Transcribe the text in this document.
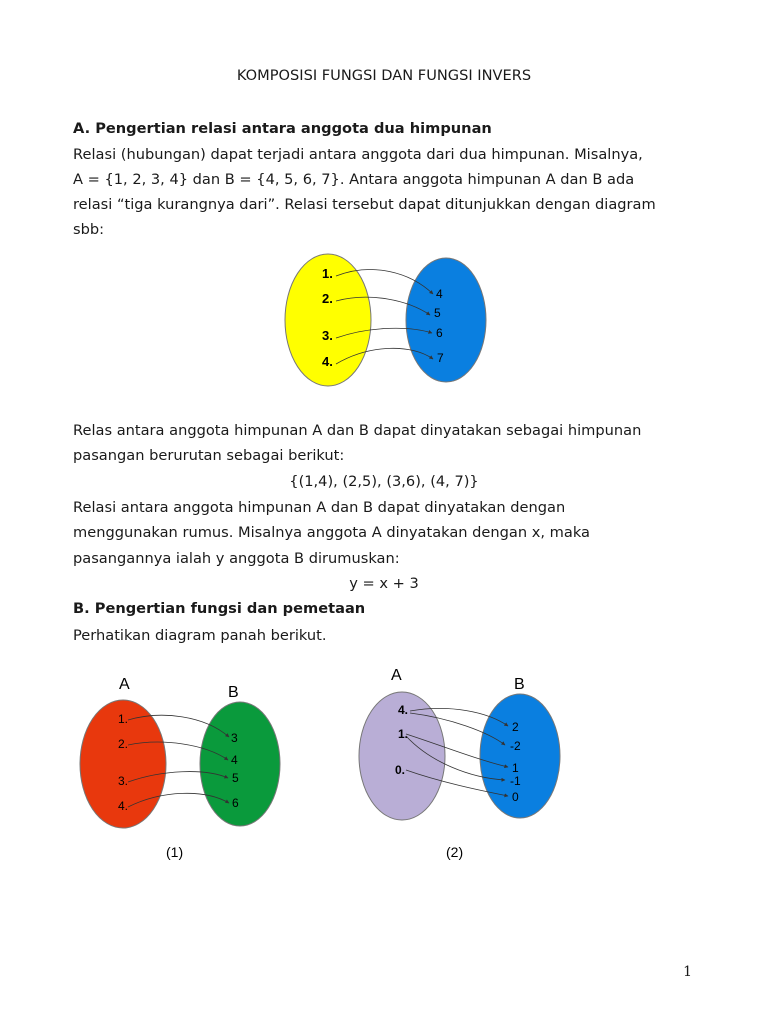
KOMPOSISI FUNGSI DAN FUNGSI INVERS
A. Pengertian relasi antara anggota dua himpunan
Relasi (hubungan) dapat terjadi antara anggota dari dua himpunan. Misalnya,
A = {1, 2, 3, 4} dan B = {4, 5, 6, 7}. Antara anggota himpunan A dan B ada
relasi “tiga kurangnya dari”. Relasi tersebut dapat ditunjukkan dengan diagram
sbb:
1.
2.
3.
4.
4
5
6
7
A	B
1.
2.
3.
4.
3
4
5
6
(1)
A
B
4.
1.
0.
2
-2
1
-1
0
(2)
Relas antara anggota himpunan A dan B dapat dinyatakan sebagai himpunan
pasangan berurutan sebagai berikut:
{(1,4), (2,5), (3,6), (4, 7)}
Relasi antara anggota himpunan A dan B dapat dinyatakan dengan
menggunakan rumus. Misalnya anggota A dinyatakan dengan x, maka
pasangannya ialah y anggota B dirumuskan:
y = x + 3
B. Pengertian fungsi dan pemetaan
Perhatikan diagram panah berikut.
1
